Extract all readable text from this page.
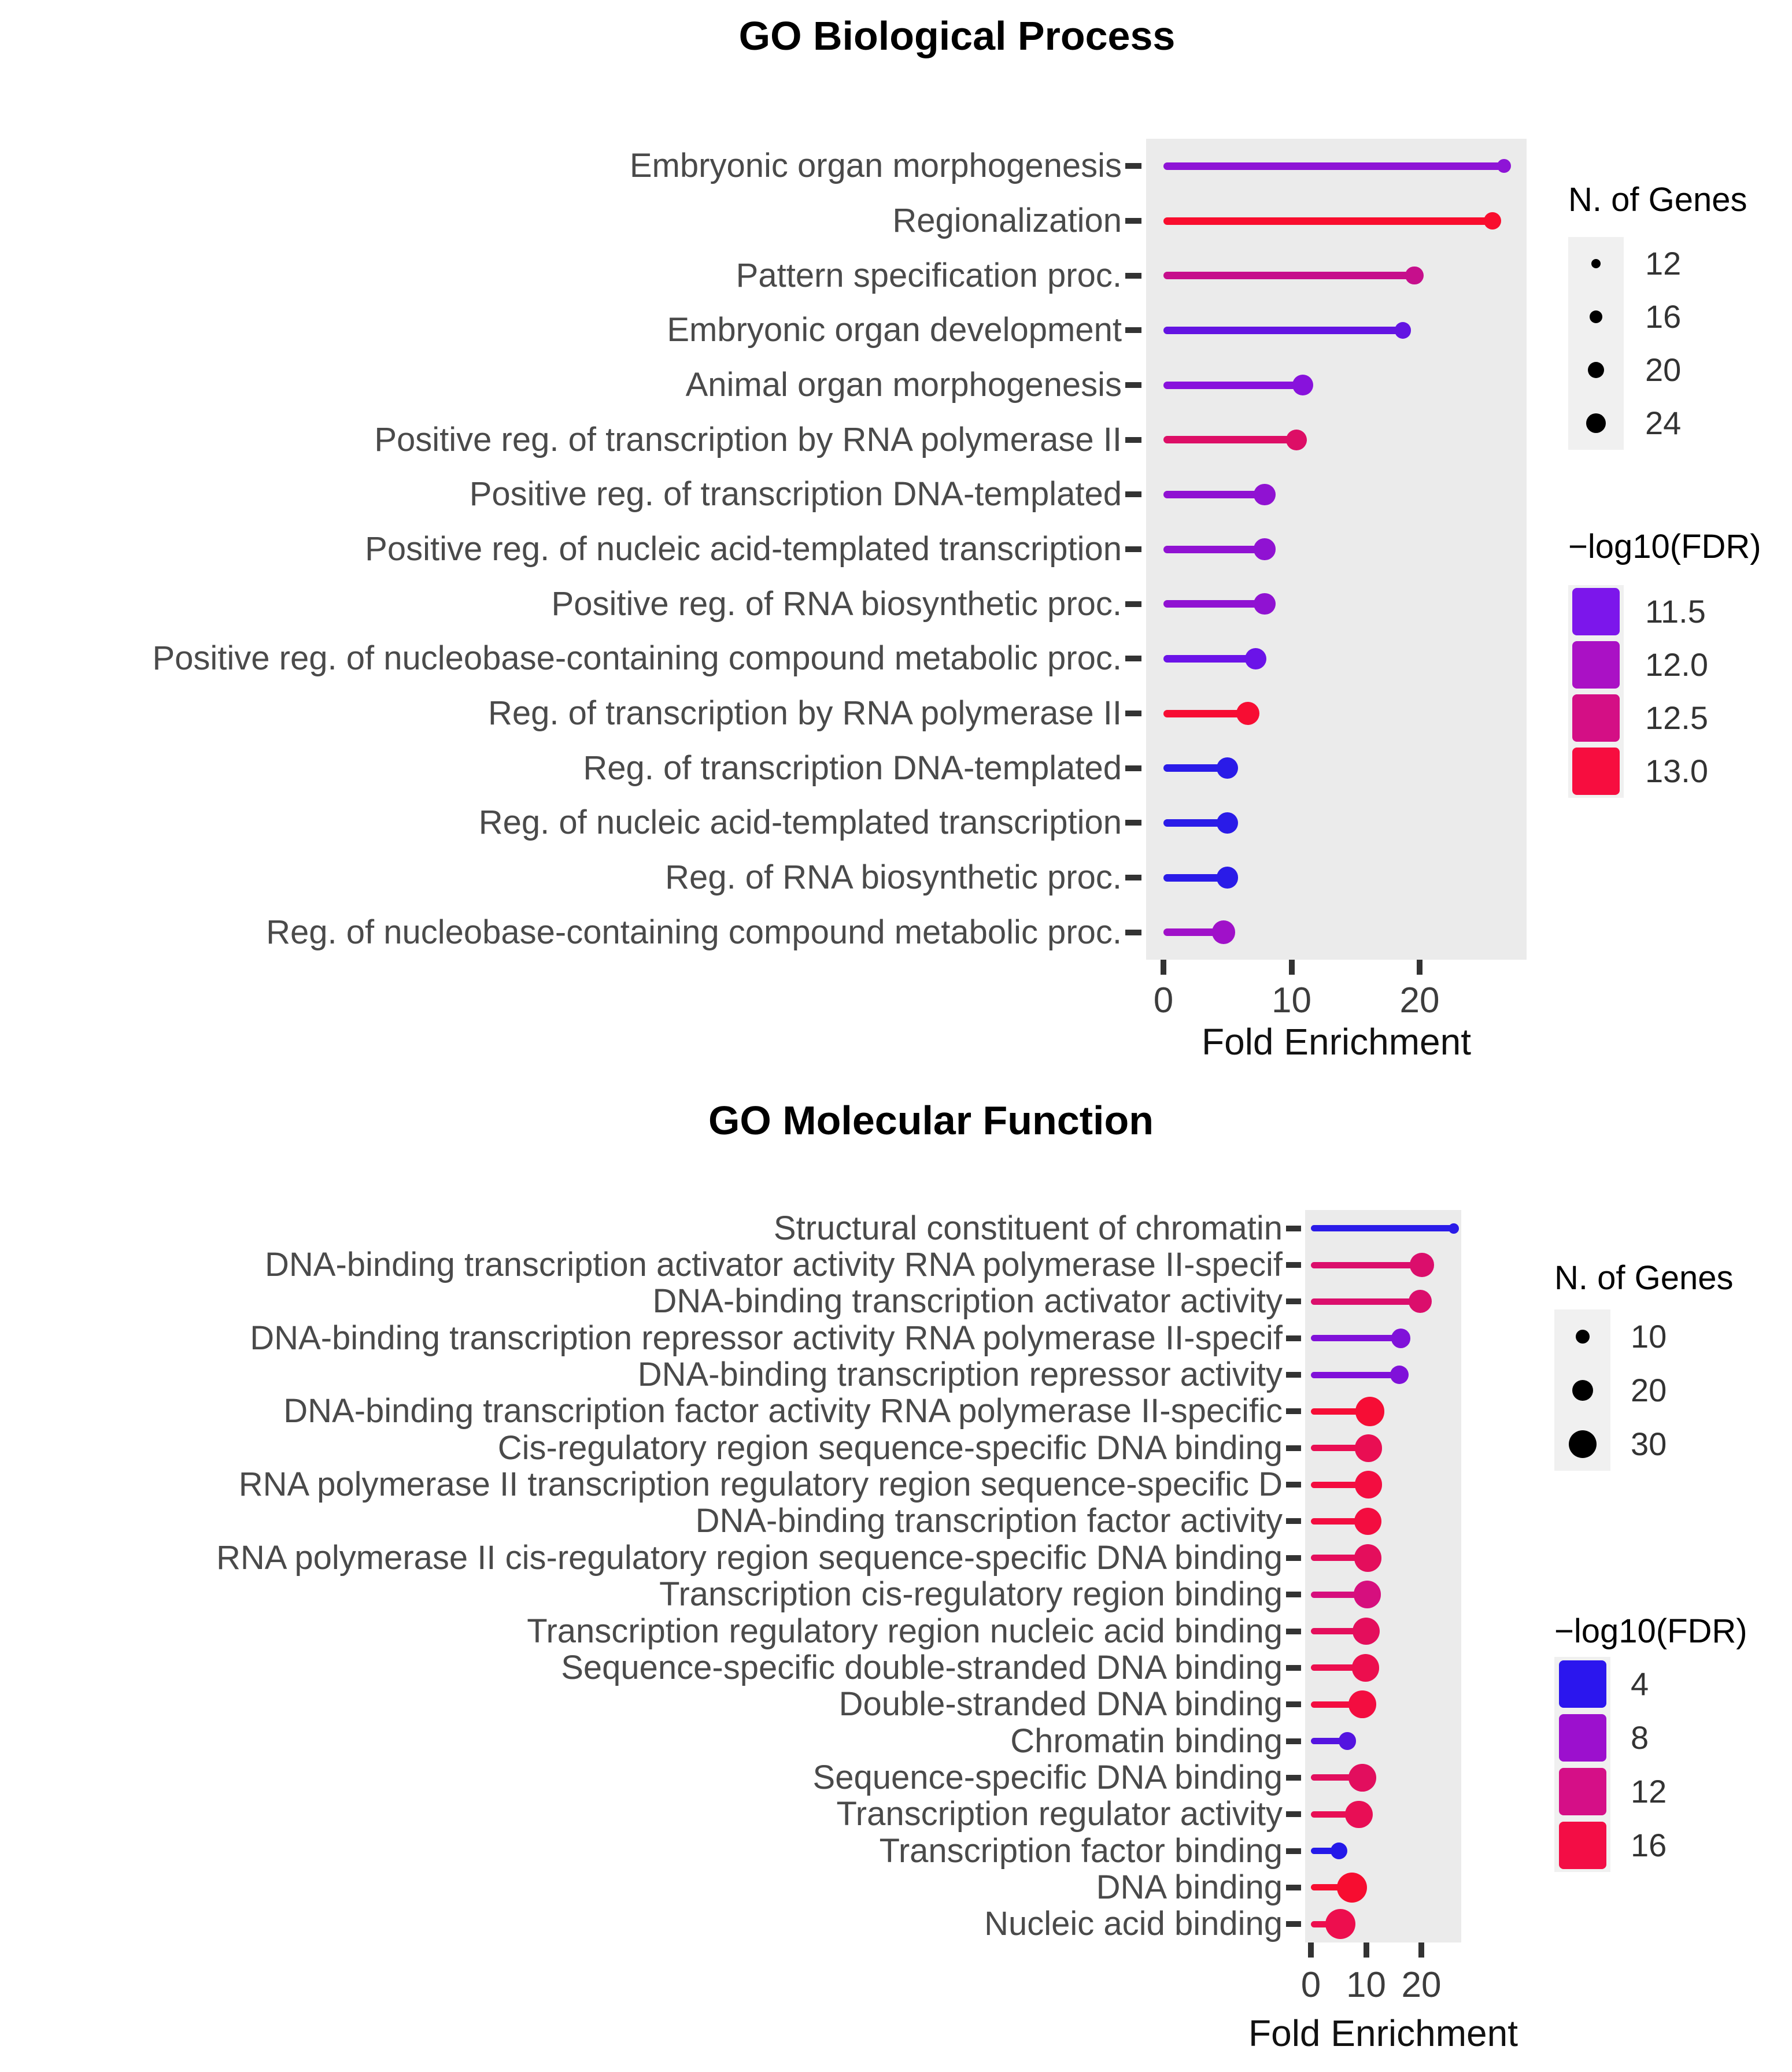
GO Biological Process
Fold Enrichment
N. of Genes
−log10(FDR)
Embryonic organ morphogenesis
Regionalization
Pattern specification proc.
Embryonic organ development
Animal organ morphogenesis
Positive reg. of transcription by RNA polymerase II
Positive reg. of transcription DNA-templated
Positive reg. of nucleic acid-templated transcription
Positive reg. of RNA biosynthetic proc.
Positive reg. of nucleobase-containing compound metabolic proc.
Reg. of transcription by RNA polymerase II
Reg. of transcription DNA-templated
Reg. of nucleic acid-templated transcription
Reg. of RNA biosynthetic proc.
Reg. of nucleobase-containing compound metabolic proc.
0	10	20
12
16
20
24
11.5
12.0
12.5
13.0
GO Molecular Function
Fold Enrichment
N. of Genes
−log10(FDR)
Structural constituent of chromatin
DNA-binding transcription activator activity RNA polymerase II-specif
DNA-binding transcription activator activity
DNA-binding transcription repressor activity RNA polymerase II-specif
DNA-binding transcription repressor activity
DNA-binding transcription factor activity RNA polymerase II-specific
Cis-regulatory region sequence-specific DNA binding
RNA polymerase II transcription regulatory region sequence-specific D
DNA-binding transcription factor activity
RNA polymerase II cis-regulatory region sequence-specific DNA binding
Transcription cis-regulatory region binding
Transcription regulatory region nucleic acid binding
Sequence-specific double-stranded DNA binding
Double-stranded DNA binding
Chromatin binding
Sequence-specific DNA binding
Transcription regulator activity
Transcription factor binding
DNA binding
Nucleic acid binding
0 10 20
10
20
30
4
8
12
16
